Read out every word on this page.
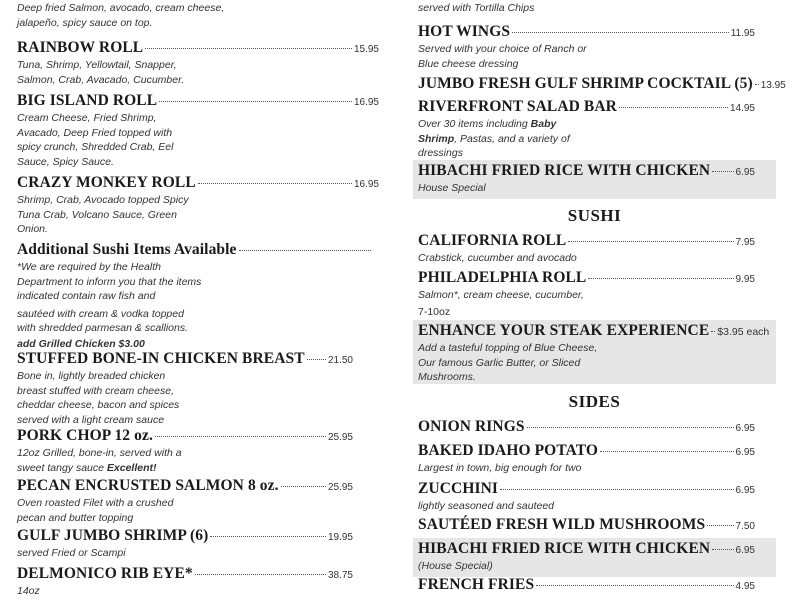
Deep fried Salmon, avocado, cream cheese, jalapeño, spicy sauce on top.
RAINBOW ROLL	15.95
Tuna, Shrimp, Yellowtail, Snapper, Salmon, Crab, Avacado, Cucumber.
BIG ISLAND ROLL	16.95
Cream Cheese, Fried Shrimp, Avacado, Deep Fried topped with spicy crunch, Shredded Crab, Eel Sauce, Spicy Sauce.
CRAZY MONKEY ROLL	16.95
Shrimp, Crab, Avocado topped Spicy Tuna Crab, Volcano Sauce, Green Onion.
Additional Sushi Items Available
*We are required by the Health Department to inform you that the items indicated contain raw fish and
sautéed with cream & vodka topped with shredded parmesan & scallions.
add Grilled Chicken $3.00
STUFFED BONE-IN CHICKEN BREAST 21.50
Bone in, lightly breaded chicken breast stuffed with cream cheese, cheddar cheese, bacon and spices served with a light cream sauce
PORK CHOP 12 oz.	25.95
12oz Grilled, bone-in, served with a sweet tangy sauce Excellent!
PECAN ENCRUSTED SALMON 8 oz.	25.95
Oven roasted Filet with a crushed pecan and butter topping
GULF JUMBO SHRIMP (6)	19.95
served Fried or Scampi
DELMONICO RIB EYE*	38.75
14oz
served with Tortilla Chips
HOT WINGS	11.95
Served with your choice of Ranch or Blue cheese dressing
JUMBO FRESH GULF SHRIMP COCKTAIL (5) 13.95
RIVERFRONT SALAD BAR	14.95
Over 30 items including Baby Shrimp, Pastas, and a variety of dressings
HIBACHI FRIED RICE WITH CHICKEN	6.95
House Special
SUSHI
CALIFORNIA ROLL	7.95
Crabstick, cucumber and avocado
PHILADELPHIA ROLL	9.95
Salmon*, cream cheese, cucumber,
7-10oz
ENHANCE YOUR STEAK EXPERIENCE $3.95 each
Add a tasteful topping of Blue Cheese, Our famous Garlic Butter, or Sliced Mushrooms.
SIDES
ONION RINGS	6.95
BAKED IDAHO POTATO	6.95
Largest in town, big enough for two
ZUCCHINI	6.95
lightly seasoned and sauteed
SAUTÉED FRESH WILD MUSHROOMS	7.50
HIBACHI FRIED RICE WITH CHICKEN	6.95
(House Special)
FRENCH FRIES	4.95
